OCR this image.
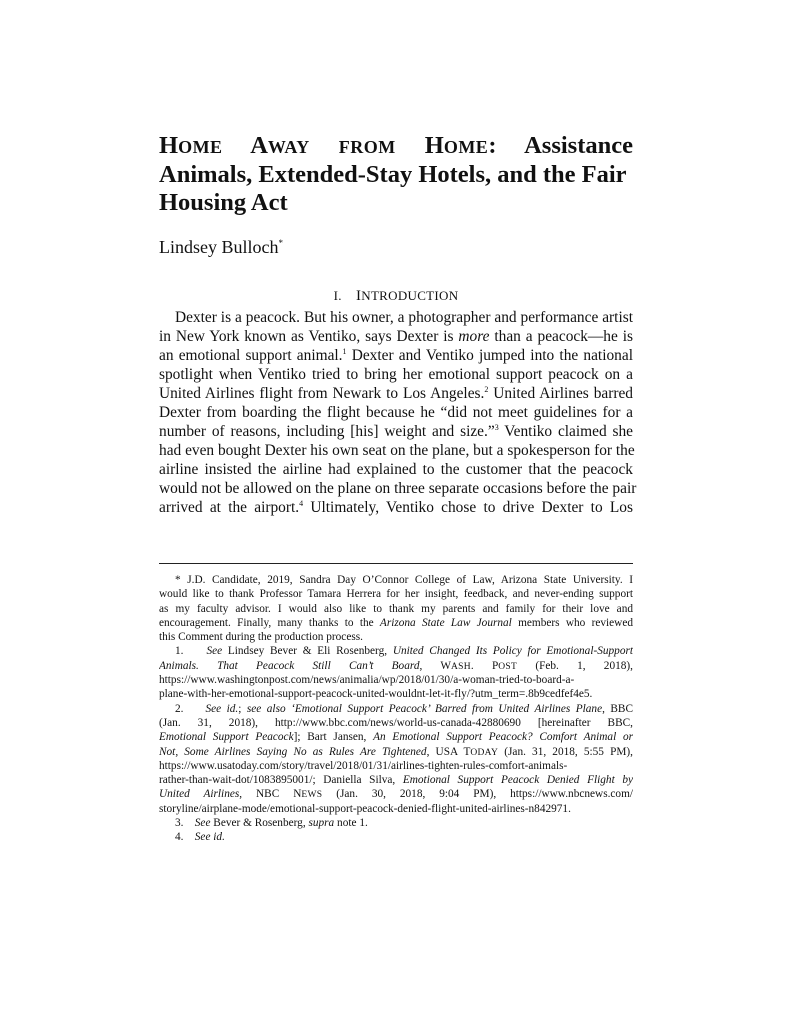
HOME AWAY FROM HOME: Assistance
Animals, Extended-Stay Hotels, and the Fair
Housing Act
Lindsey Bulloch*
I. INTRODUCTION
Dexter is a peacock. But his owner, a photographer and performance artist
in New York known as Ventiko, says Dexter is more than a peacock—he is
an emotional support animal.$^1$ Dexter and Ventiko jumped into the national
spotlight when Ventiko tried to bring her emotional support peacock on a
United Airlines flight from Newark to Los Angeles.$^2$ United Airlines barred
Dexter from boarding the flight because he “did not meet guidelines for a
number of reasons, including [his] weight and size.”$^3$ Ventiko claimed she
had even bought Dexter his own seat on the plane, but a spokesperson for the
airline insisted the airline had explained to the customer that the peacock
would not be allowed on the plane on three separate occasions before the pair
arrived at the airport.$^4$ Ultimately, Ventiko chose to drive Dexter to Los
* J.D. Candidate, 2019, Sandra Day O’Connor College of Law, Arizona State University. I
would like to thank Professor Tamara Herrera for her insight, feedback, and never-ending support
as my faculty advisor. I would also like to thank my parents and family for their love and
encouragement. Finally, many thanks to the Arizona State Law Journal members who reviewed
this Comment during the production process.
1. See Lindsey Bever & Eli Rosenberg, United Changed Its Policy for Emotional-Support
Animals. That Peacock Still Can’t Board, WASH. POST (Feb. 1, 2018),
https://www.washingtonpost.com/news/animalia/wp/2018/01/30/a-woman-tried-to-board-a-
plane-with-her-emotional-support-peacock-united-wouldnt-let-it-fly/?utm_term=.8b9cedfef4e5.
2. See id.; see also ‘Emotional Support Peacock’ Barred from United Airlines Plane, BBC
(Jan. 31, 2018), http://www.bbc.com/news/world-us-canada-42880690 [hereinafter BBC,
Emotional Support Peacock]; Bart Jansen, An Emotional Support Peacock? Comfort Animal or
Not, Some Airlines Saying No as Rules Are Tightened, USA TODAY (Jan. 31, 2018, 5:55 PM),
https://www.usatoday.com/story/travel/2018/01/31/airlines-tighten-rules-comfort-animals-
rather-than-wait-dot/1083895001/; Daniella Silva, Emotional Support Peacock Denied Flight by
United Airlines, NBC NEWS (Jan. 30, 2018, 9:04 PM), https://www.nbcnews.com/
storyline/airplane-mode/emotional-support-peacock-denied-flight-united-airlines-n842971.
3. See Bever & Rosenberg, supra note 1.
4. See id.
